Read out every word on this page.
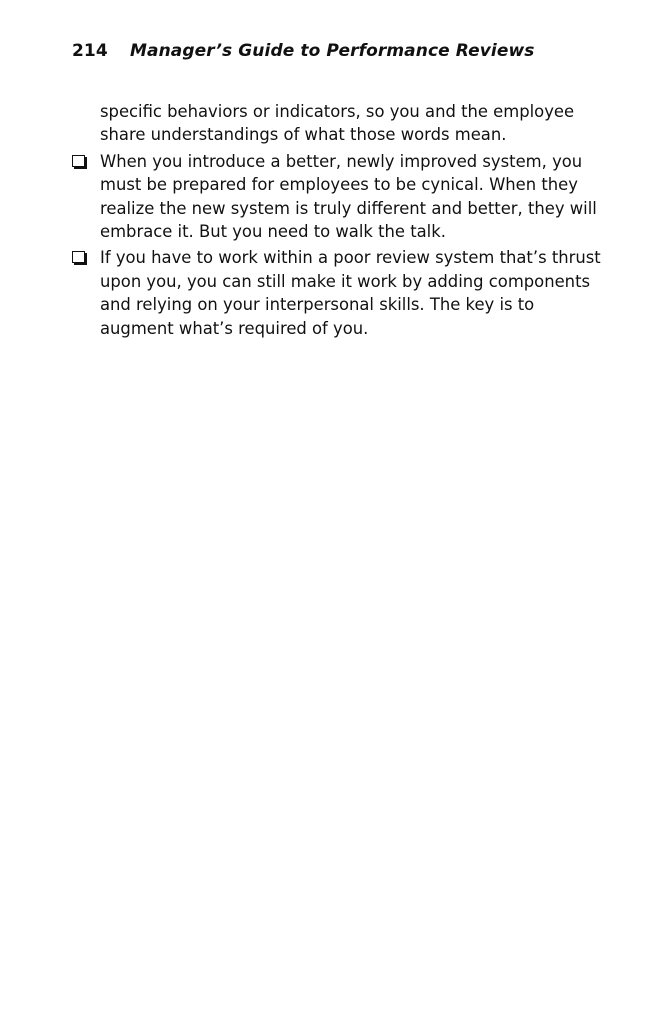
214 Manager’s Guide to Performance Reviews

specific behaviors or indicators, so you and the employee share understandings of what those words mean.

When you introduce a better, newly improved system, you must be prepared for employees to be cynical. When they realize the new system is truly different and better, they will embrace it. But you need to walk the talk.
If you have to work within a poor review system that’s thrust upon you, you can still make it work by adding components and relying on your interpersonal skills. The key is to augment what’s required of you.
